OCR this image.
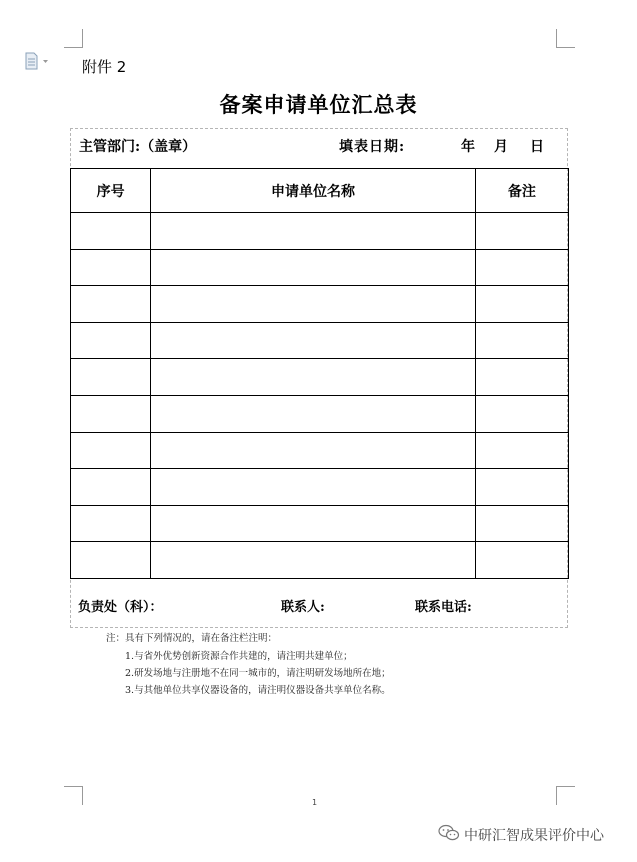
附件 2
备案申请单位汇总表
主管部门:（盖章）	填表日期:	年 月 日
序号	申请单位名称	备注

负责处（科）：	联系人:	联系电话:
注：具有下列情况的，请在备注栏注明：
1.与省外优势创新资源合作共建的，请注明共建单位；
2.研发场地与注册地不在同一城市的，请注明研发场地所在地；
3.与其他单位共享仪器设备的，请注明仪器设备共享单位名称。
1
中研汇智成果评价中心
